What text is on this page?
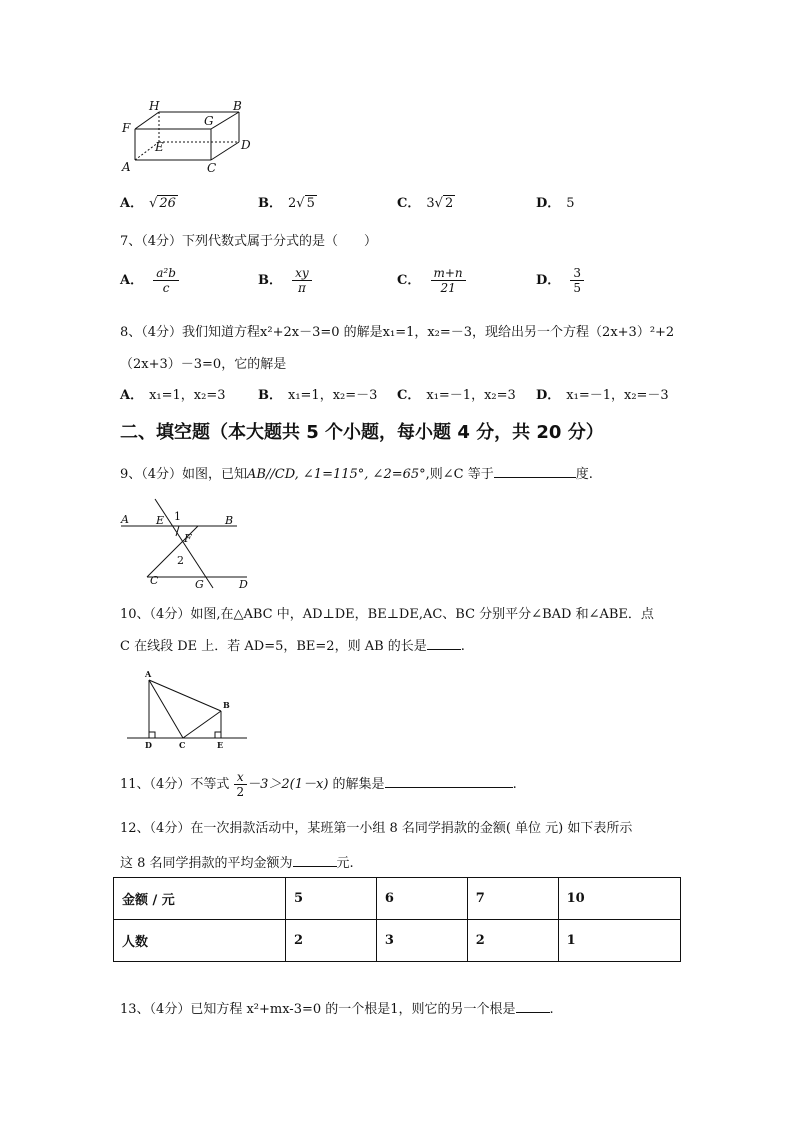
H	B
F	G
E	D
A	C
A． √ 26	B． 2√ 5	C． 3√ 2	D． 5
7、（4分）下列代数式属于分式的是（　　）
A． $\frac{\text{a²b}}{c}$	B． $\frac{xy}{\pi}$	C． $\frac{m+n}{21}$	D． $\frac{3}{5}$
8、（4分）我们知道方程x²+2x－3=0 的解是x₁=1，x₂=－3，现给出另一个方程（2x+3）²+2
（2x+3）－3=0，它的解是
A． x₁=1，x₂=3 B． x₁=1，x₂=－3 C． x₁=－1，x₂=3 D． x₁=－1，x₂=－3
二、填空题（本大题共 5 个小题，每小题 4 分，共 20 分）
9、（4分）如图，已知AB//CD, ∠1=115°, ∠2=65°,则∠C 等于	度.
A E 1	B
F
2
C	G	D
10、（4分）如图,在△ABC 中，AD⊥DE，BE⊥DE,AC、BC 分别平分∠BAD 和∠ABE．点
C 在线段 DE 上．若 AD=5，BE=2，则 AB 的长是	.
A
B
D	C	E
11、（4分）不等式 $\frac{x}{2} -3>2(1-x)$ 的解集是	.
12、（4分）在一次捐款活动中，某班第一小组 8 名同学捐款的金额( 单位 元) 如下表所示
这 8 名同学捐款的平均金额为	元.
金额 / 元	5	6	7	10
人数	2	3	2	1
13、（4分）已知方程 x²+mx-3=0 的一个根是1，则它的另一个根是	.
